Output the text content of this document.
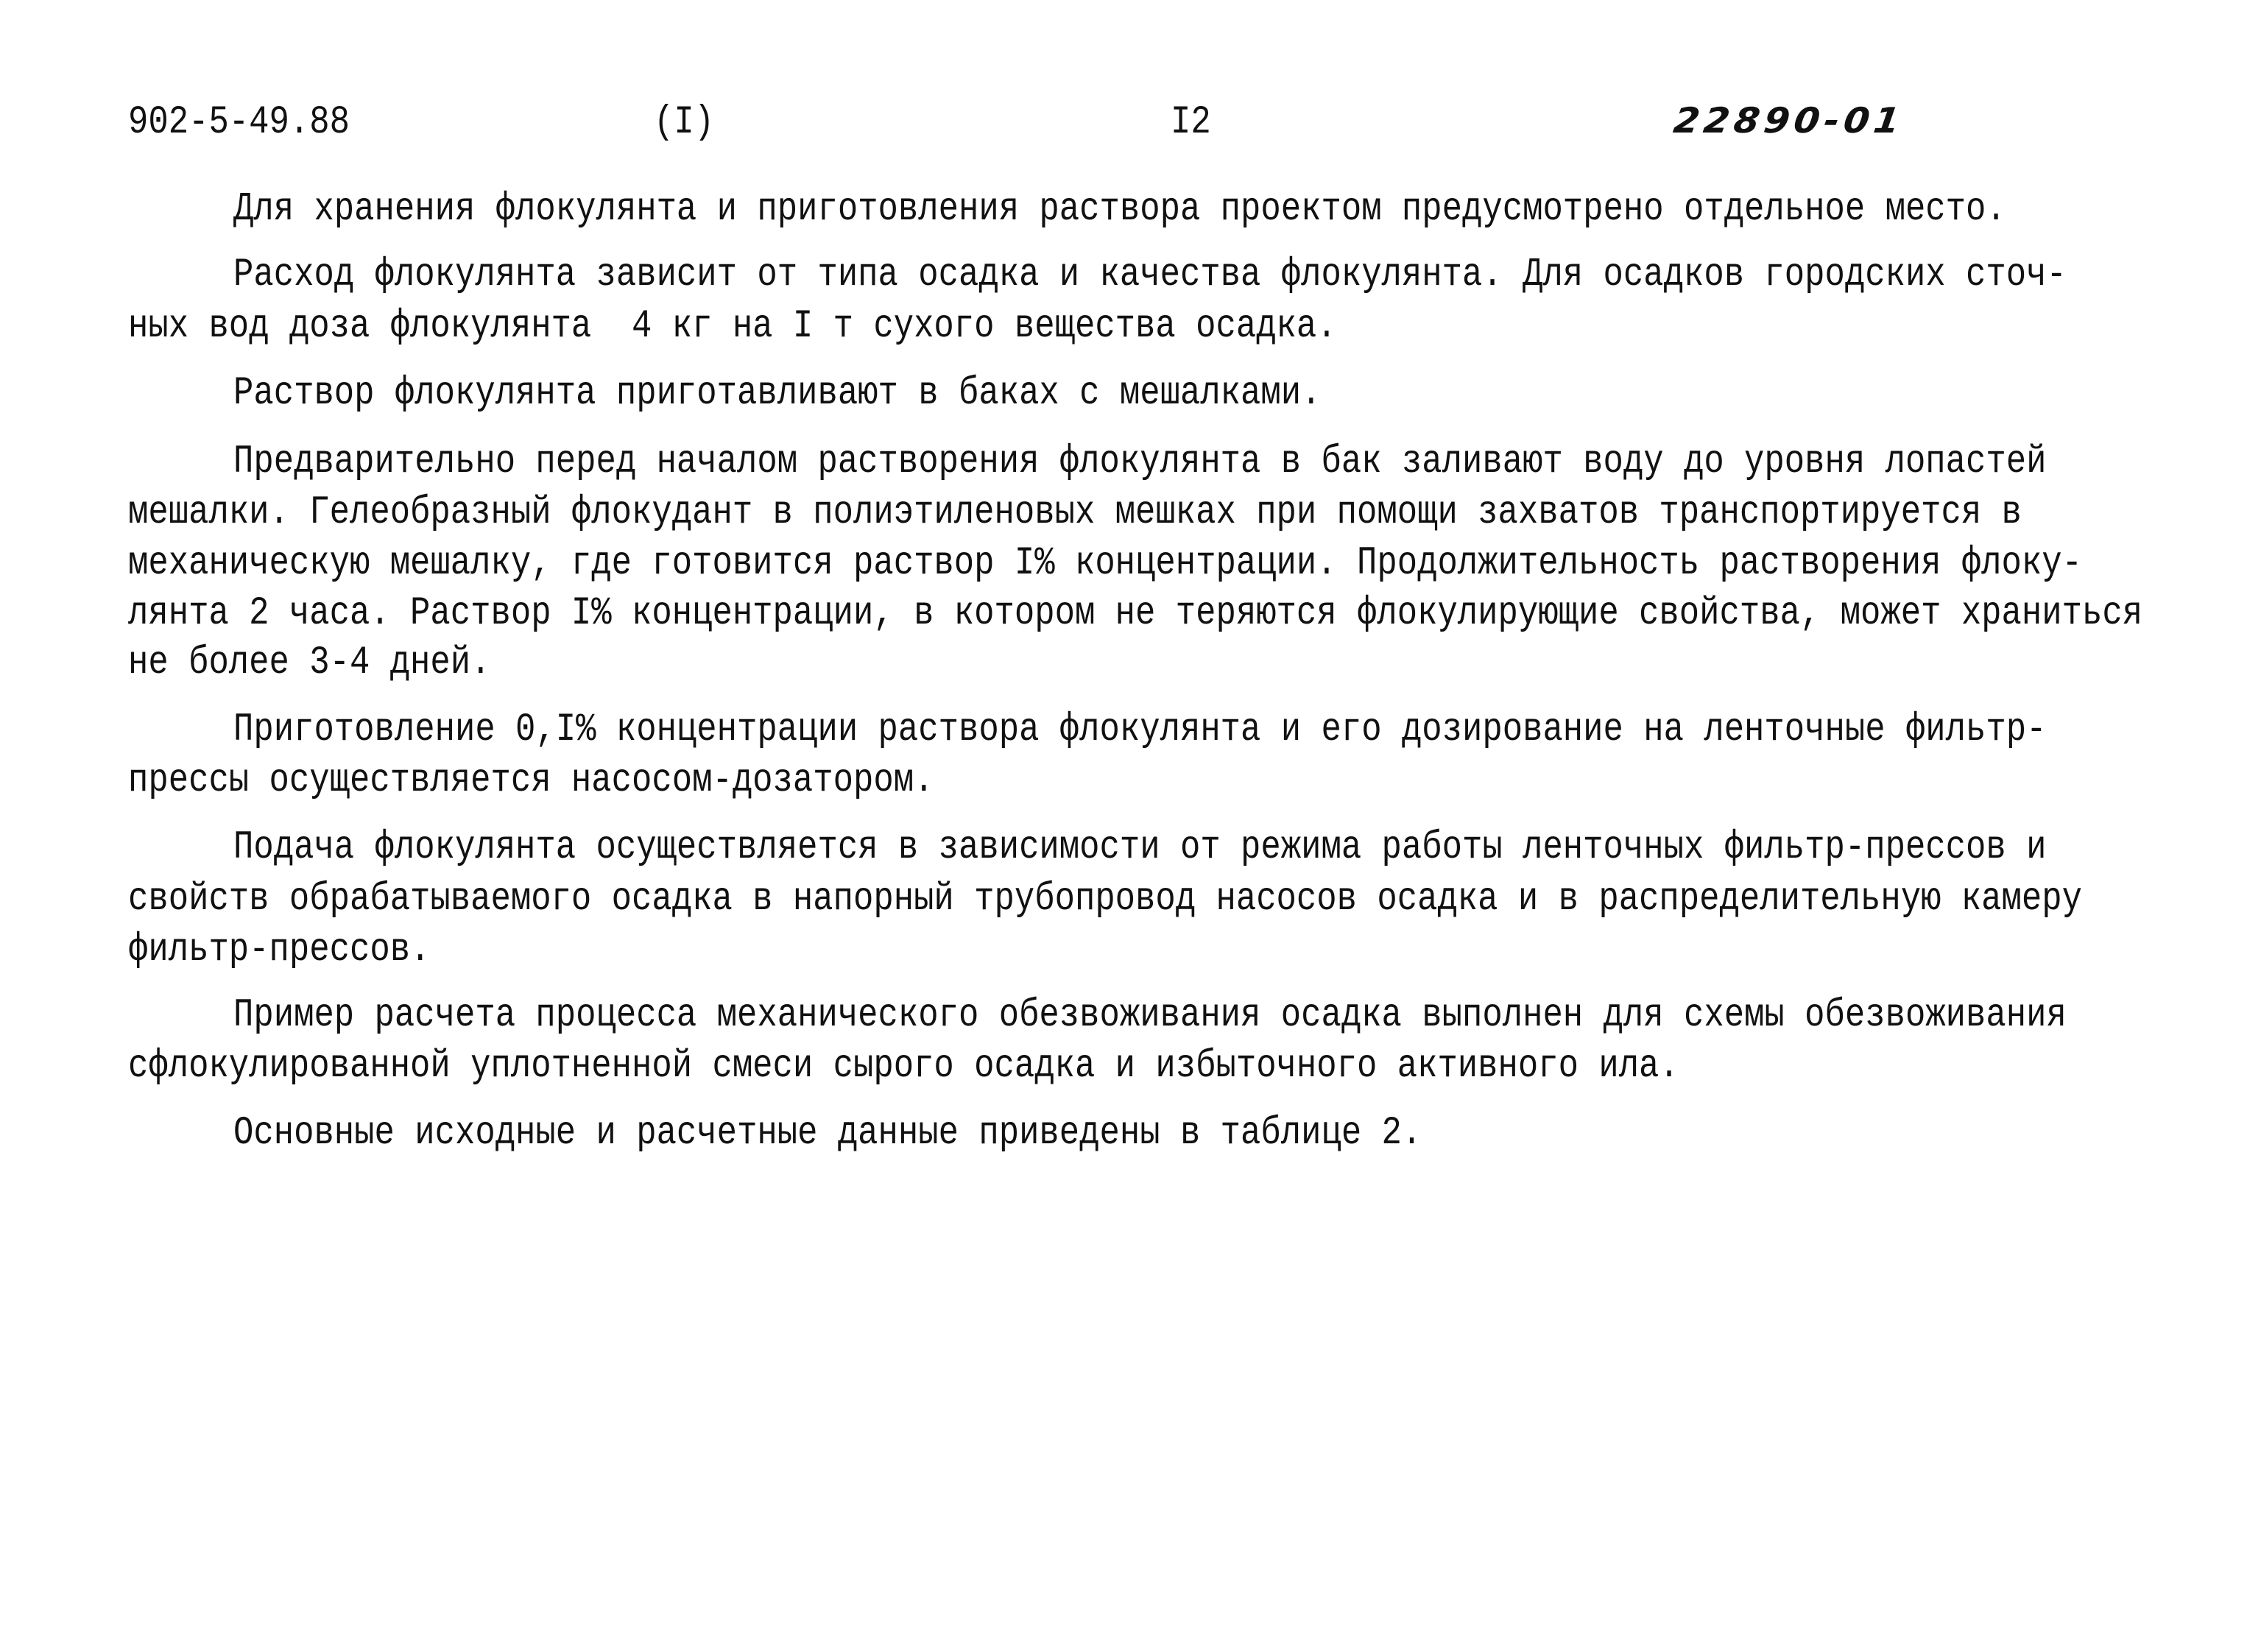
902-5-49.88	(I)	I2	22890-01
Для хранения флокулянта и приготовления раствора проектом предусмотрено отдельное место.
Расход флокулянта зависит от типа осадка и качества флокулянта. Для осадков городских сточ-
ных вод доза флокулянта  4 кг на I т сухого вещества осадка.
Раствор флокулянта приготавливают в баках с мешалками.
Предварительно перед началом растворения флокулянта в бак заливают воду до уровня лопастей
мешалки. Гелеобразный флокудант в полиэтиленовых мешках при помощи захватов транспортируется в
механическую мешалку, где готовится раствор I% концентрации. Продолжительность растворения флоку-
лянта 2 часа. Раствор I% концентрации, в котором не теряются флокулирующие свойства, может храниться
не более 3-4 дней.
Приготовление 0,I% концентрации раствора флокулянта и его дозирование на ленточные фильтр-
прессы осуществляется насосом-дозатором.
Подача флокулянта осуществляется в зависимости от режима работы ленточных фильтр-прессов и
свойств обрабатываемого осадка в напорный трубопровод насосов осадка и в распределительную камеру
фильтр-прессов.
Пример расчета процесса механического обезвоживания осадка выполнен для схемы обезвоживания
сфлокулированной уплотненной смеси сырого осадка и избыточного активного ила.
Основные исходные и расчетные данные приведены в таблице 2.
